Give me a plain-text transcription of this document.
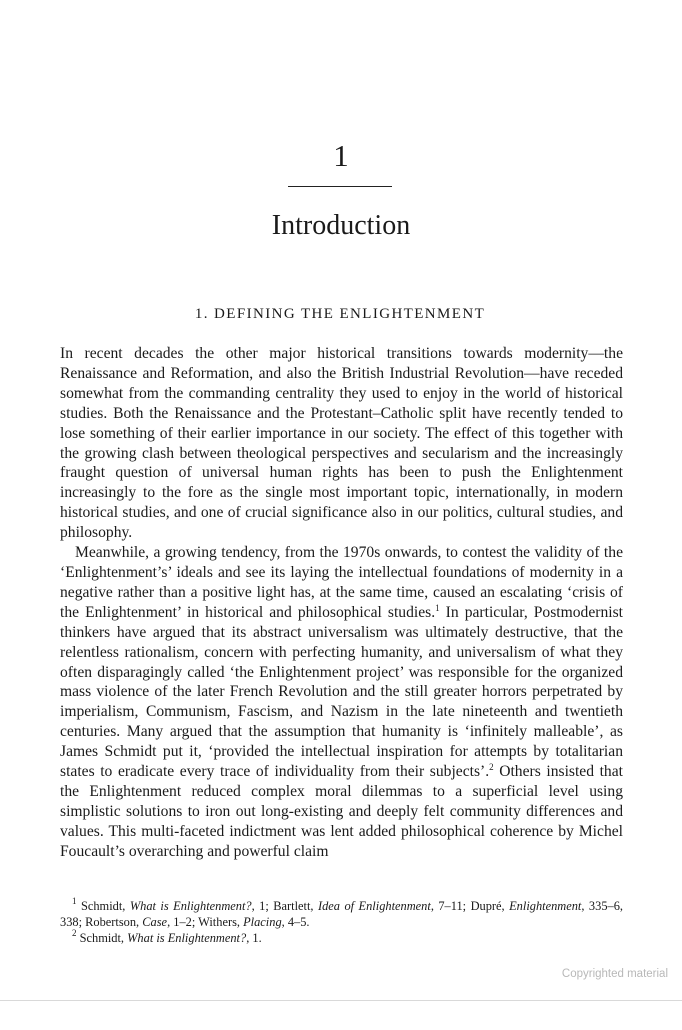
1
Introduction
1. DEFINING THE ENLIGHTENMENT

In recent decades the other major historical transitions towards modernity—the Renaissance and Reformation, and also the British Industrial Revolution—have receded somewhat from the commanding centrality they used to enjoy in the world of historical studies. Both the Renaissance and the Protestant–Catholic split have recently tended to lose something of their earlier importance in our society. The effect of this together with the growing clash between theological perspectives and secularism and the increasingly fraught question of universal human rights has been to push the Enlightenment increasingly to the fore as the single most important topic, internationally, in modern historical studies, and one of crucial significance also in our politics, cultural studies, and philosophy.

Meanwhile, a growing tendency, from the 1970s onwards, to contest the validity of the ‘Enlightenment’s’ ideals and see its laying the intellectual foundations of modernity in a negative rather than a positive light has, at the same time, caused an escalating ‘crisis of the Enlightenment’ in historical and philosophical studies.$^1$ In particular, Postmodernist thinkers have argued that its abstract universalism was ultimately destructive, that the relentless rationalism, concern with perfecting humanity, and universalism of what they often disparagingly called ‘the Enlightenment project’ was responsible for the organized mass violence of the later French Revolution and the still greater horrors perpetrated by imperialism, Communism, Fascism, and Nazism in the late nineteenth and twentieth centuries. Many argued that the assumption that humanity is ‘infinitely malleable’, as James Schmidt put it, ‘provided the intellectual inspiration for attempts by totalitarian states to eradicate every trace of individuality from their subjects’.$^2$ Others insisted that the Enlightenment reduced complex moral dilemmas to a superficial level using simplistic solutions to iron out long-existing and deeply felt community differences and values. This multi-faceted indictment was lent added philosophical coherence by Michel Foucault’s overarching and powerful claim

$^1$ Schmidt, What is Enlightenment?, 1; Bartlett, Idea of Enlightenment, 7–11; Dupré, Enlightenment, 335–6, 338; Robertson, Case, 1–2; Withers, Placing, 4–5.

$^2$ Schmidt, What is Enlightenment?, 1.

Copyrighted material
